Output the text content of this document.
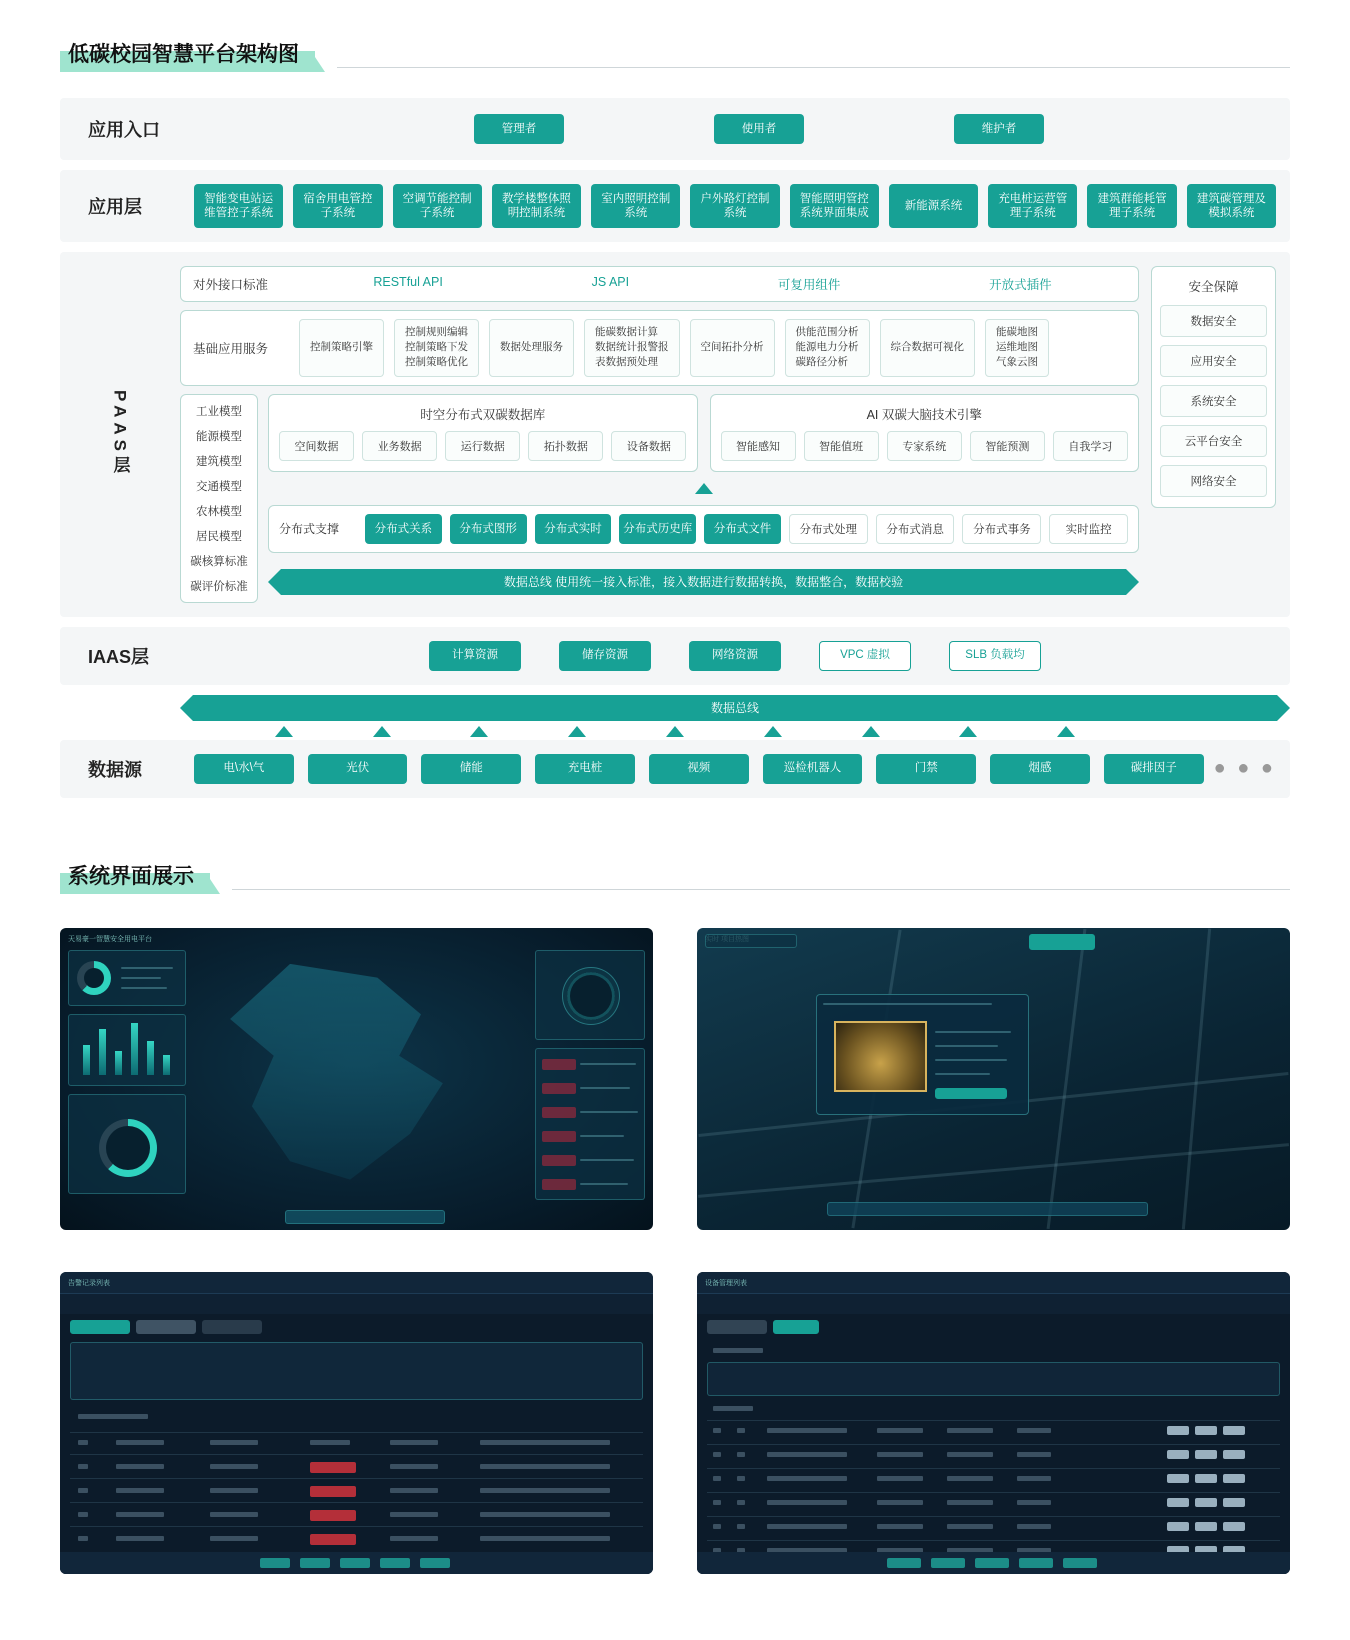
低碳校园智慧平台架构图
应用入口	管理者	使用者	维护者
应用层	智能变电站运维管控子系统
宿舍用电管控子系统
空调节能控制子系统
教学楼整体照明控制系统
室内照明控制系统
户外路灯控制系统
智能照明管控系统界面集成
新能源系统
充电桩运营管理子系统
建筑群能耗管理子系统
建筑碳管理及模拟系统
PAAS层
对外接口标准	RESTful API	JS API	可复用组件	开放式插件
基础应用服务	控制策略引擎
控制规则编辑
控制策略下发
控制策略优化
数据处理服务
能碳数据计算
数据统计报警报
表数据预处理
空间拓扑分析
供能范围分析
能源电力分析
碳路径分析
综合数据可视化
能碳地图
运维地图
气象云图
工业模型
能源模型
建筑模型
交通模型
农林模型
居民模型
碳核算标准
碳评价标准
时空分布式双碳数据库
空间数据	业务数据	运行数据	拓扑数据	设备数据
AI 双碳大脑技术引擎
智能感知	智能值班	专家系统	智能预测	自我学习
分布式支撑	分布式关系	分布式图形	分布式实时	分布式历史库	分布式文件	分布式处理	分布式消息	分布式事务	实时监控
数据总线 使用统一接入标准，接入数据进行数据转换，数据整合，数据校验
安全保障
数据安全
应用安全
系统安全
云平台安全
网络安全
IAAS层	计算资源	储存资源	网络资源	VPC 虚拟	SLB 负载均
数据总线
数据源	电\水\气	光伏	储能	充电桩	视频	巡检机器人	门禁	烟感	碳排因子	● ● ●
系统界面展示
天易豪一智慧安全用电平台
告警记录列表	设备管理列表
